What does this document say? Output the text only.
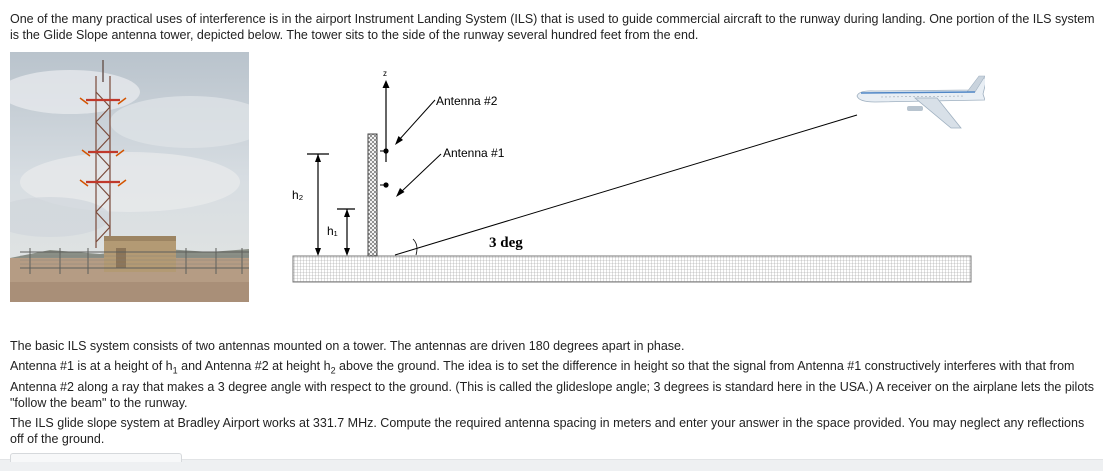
One of the many practical uses of interference is in the airport Instrument Landing System (ILS) that is used to guide commercial aircraft to the runway during landing. One portion of the ILS system is the Glide Slope antenna tower, depicted below. The tower sits to the side of the runway several hundred feet from the end.

z
Antenna #2
Antenna #1
h₂
h₁
3 deg

The basic ILS system consists of two antennas mounted on a tower. The antennas are driven 180 degrees apart in phase.

Antenna #1 is at a height of $h_1$ and Antenna #2 at height $h_2$ above the ground. The idea is to set the difference in height so that the signal from Antenna #1 constructively interferes with that from Antenna #2 along a ray that makes a 3 degree angle with respect to the ground. (This is called the glideslope angle; 3 degrees is standard here in the USA.) A receiver on the airplane lets the pilots "follow the beam" to the runway.

The ILS glide slope system at Bradley Airport works at 331.7 MHz. Compute the required antenna spacing in meters and enter your answer in the space provided. You may neglect any reflections off of the ground.
